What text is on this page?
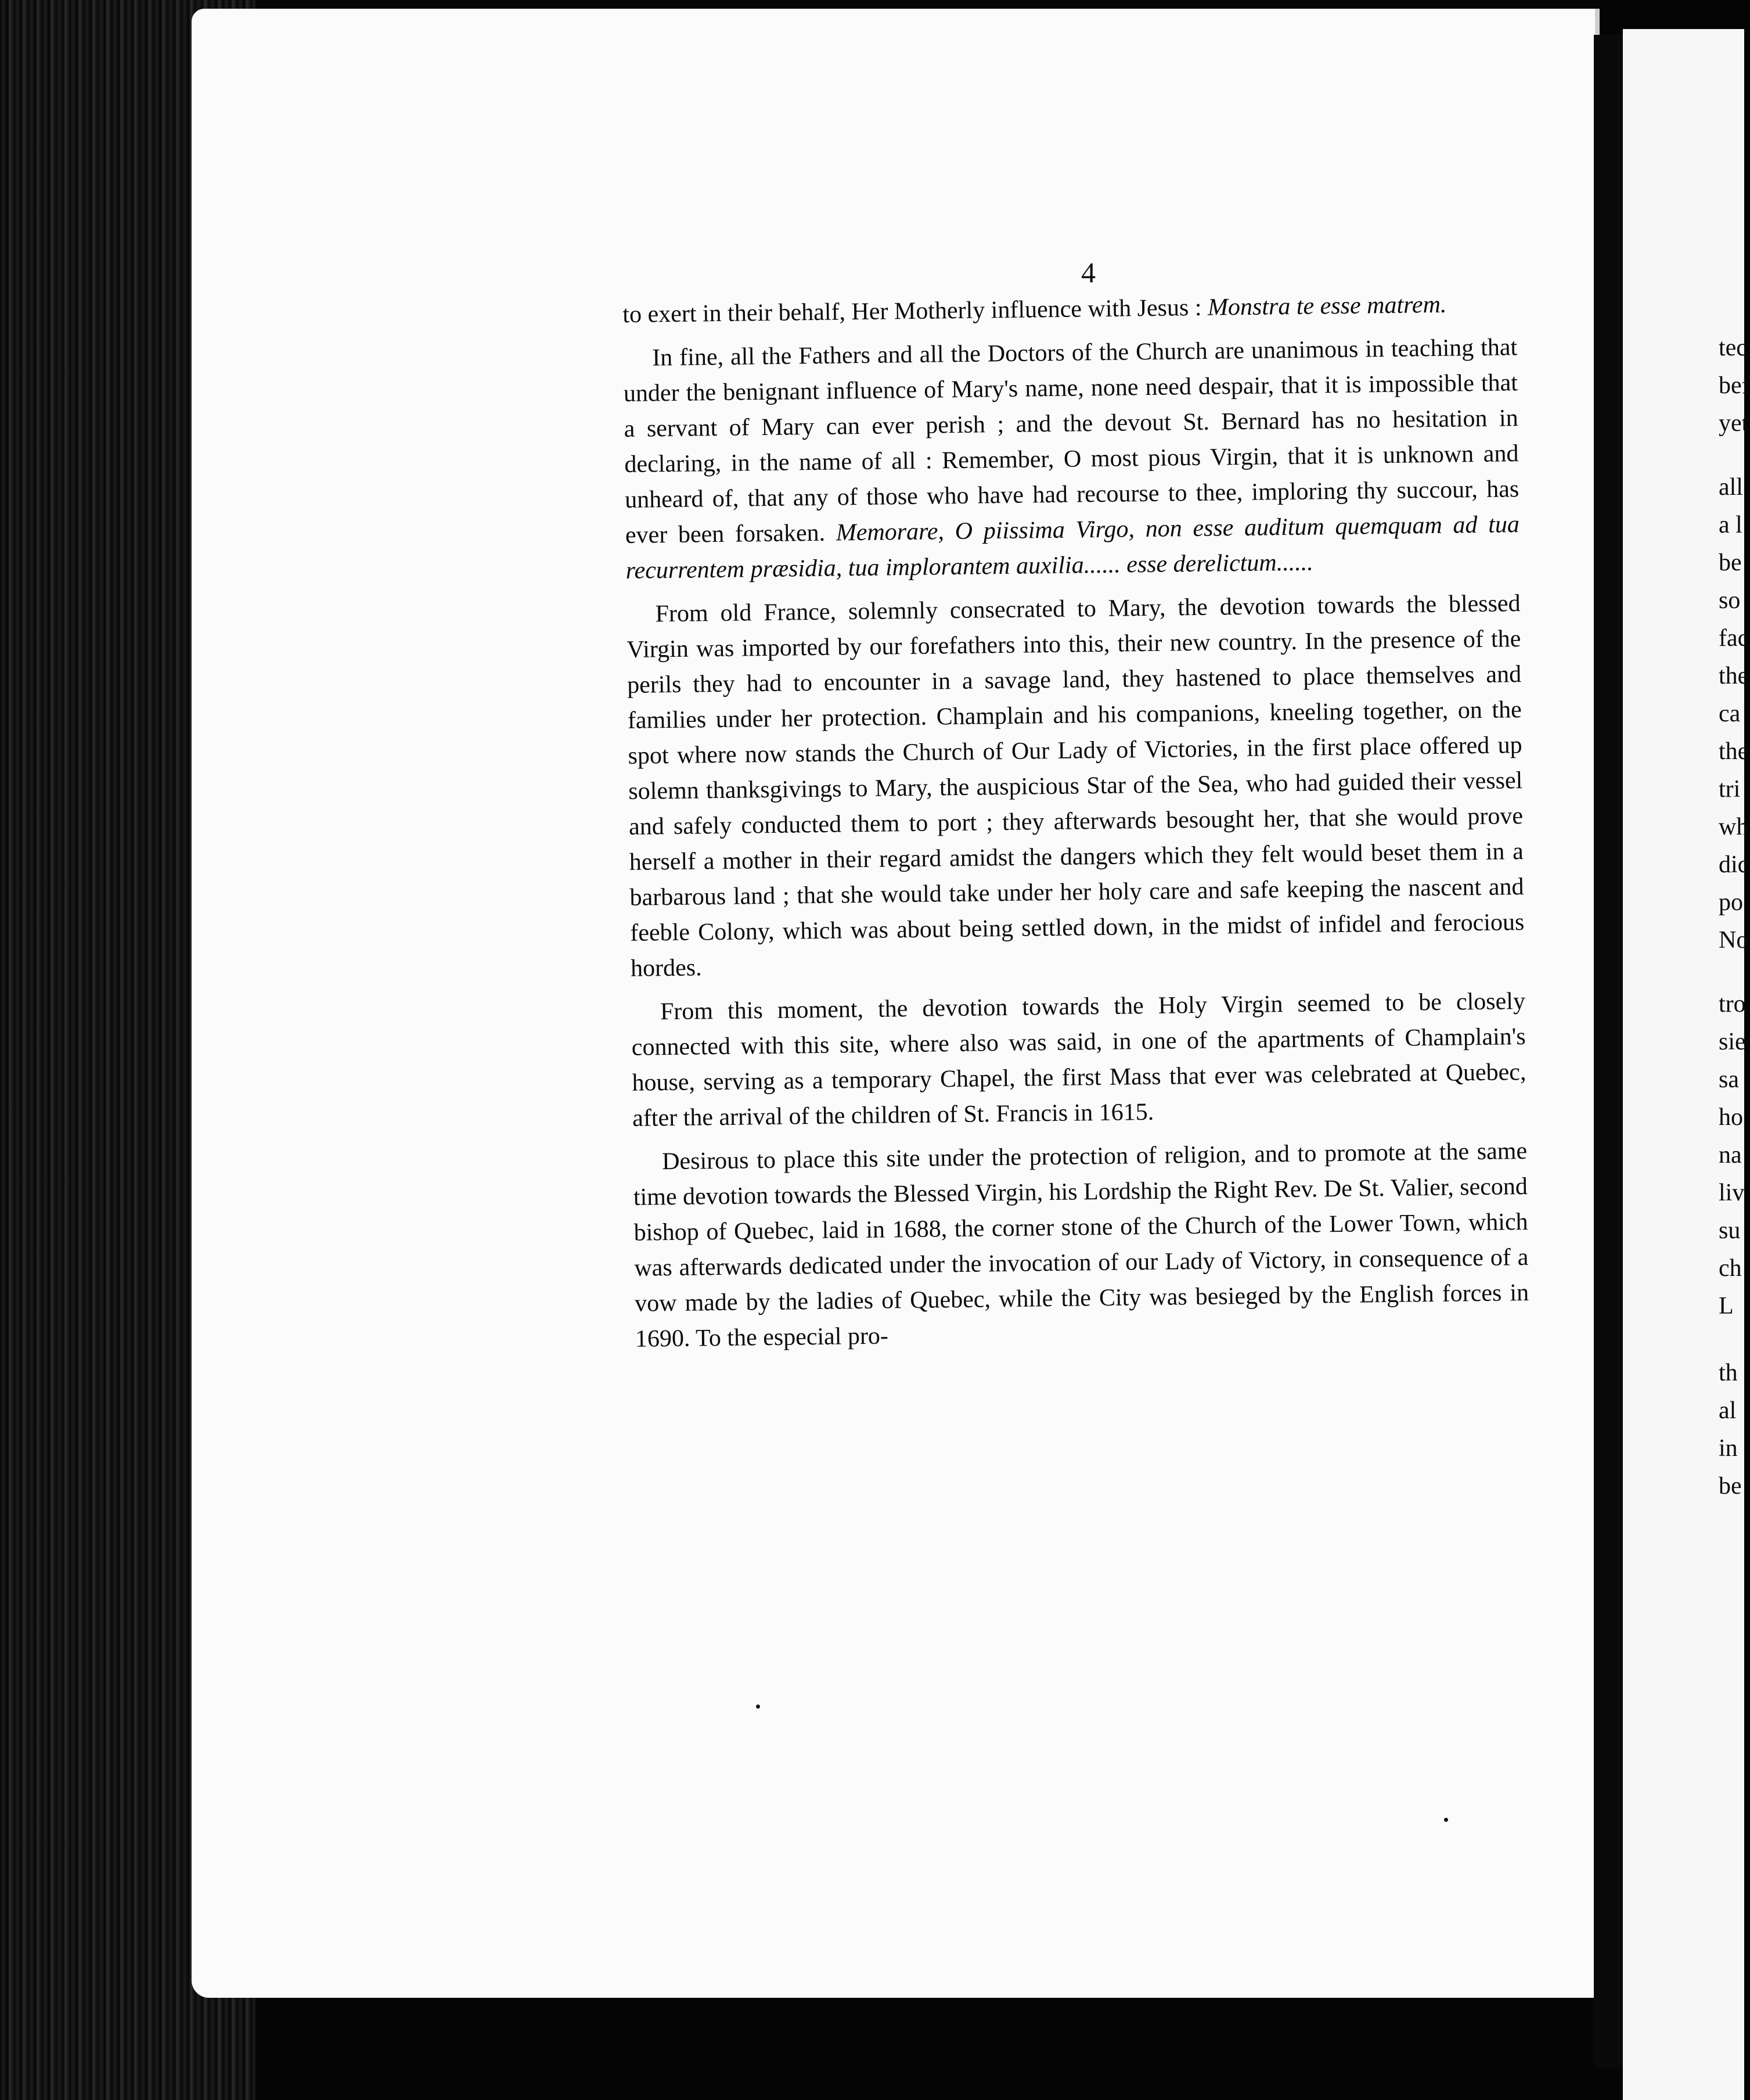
4

to exert in their behalf, Her Motherly influence with Jesus : Monstra te esse matrem.

In fine, all the Fathers and all the Doctors of the Church are unanimous in teaching that under the benignant influence of Mary's name, none need despair, that it is impossible that a servant of Mary can ever perish ; and the devout St. Bernard has no hesitation in declaring, in the name of all : Remember, O most pious Virgin, that it is unknown and unheard of, that any of those who have had recourse to thee, imploring thy succour, has ever been forsaken. Memorare, O piissima Virgo, non esse auditum quemquam ad tua recurrentem præsidia, tua implorantem auxilia...... esse derelictum......

From old France, solemnly consecrated to Mary, the devotion towards the blessed Virgin was imported by our forefathers into this, their new country. In the presence of the perils they had to encounter in a savage land, they hastened to place themselves and families under her protection. Champlain and his companions, kneeling together, on the spot where now stands the Church of Our Lady of Victories, in the first place offered up solemn thanksgivings to Mary, the auspicious Star of the Sea, who had guided their vessel and safely conducted them to port ; they afterwards besought her, that she would prove herself a mother in their regard amidst the dangers which they felt would beset them in a barbarous land ; that she would take under her holy care and safe keeping the nascent and feeble Colony, which was about being settled down, in the midst of infidel and ferocious hordes.

From this moment, the devotion towards the Holy Virgin seemed to be closely connected with this site, where also was said, in one of the apartments of Champlain's house, serving as a temporary Chapel, the first Mass that ever was celebrated at Quebec, after the arrival of the children of St. Francis in 1615.

Desirous to place this site under the protection of religion, and to promote at the same time devotion towards the Blessed Virgin, his Lordship the Right Rev. De St. Valier, second bishop of Quebec, laid in 1688, the corner stone of the Church of the Lower Town, which was afterwards dedicated under the invocation of our Lady of Victory, in consequence of a vow made by the ladies of Quebec, while the City was besieged by the English forces in 1690. To the especial pro-

tec
bef
yet
all
a l
be
so
fac
the
ca
the
tri
wh
dic
po
No
tro
sie
sa
ho
na
liv
su
ch
L
th
al
in
be
